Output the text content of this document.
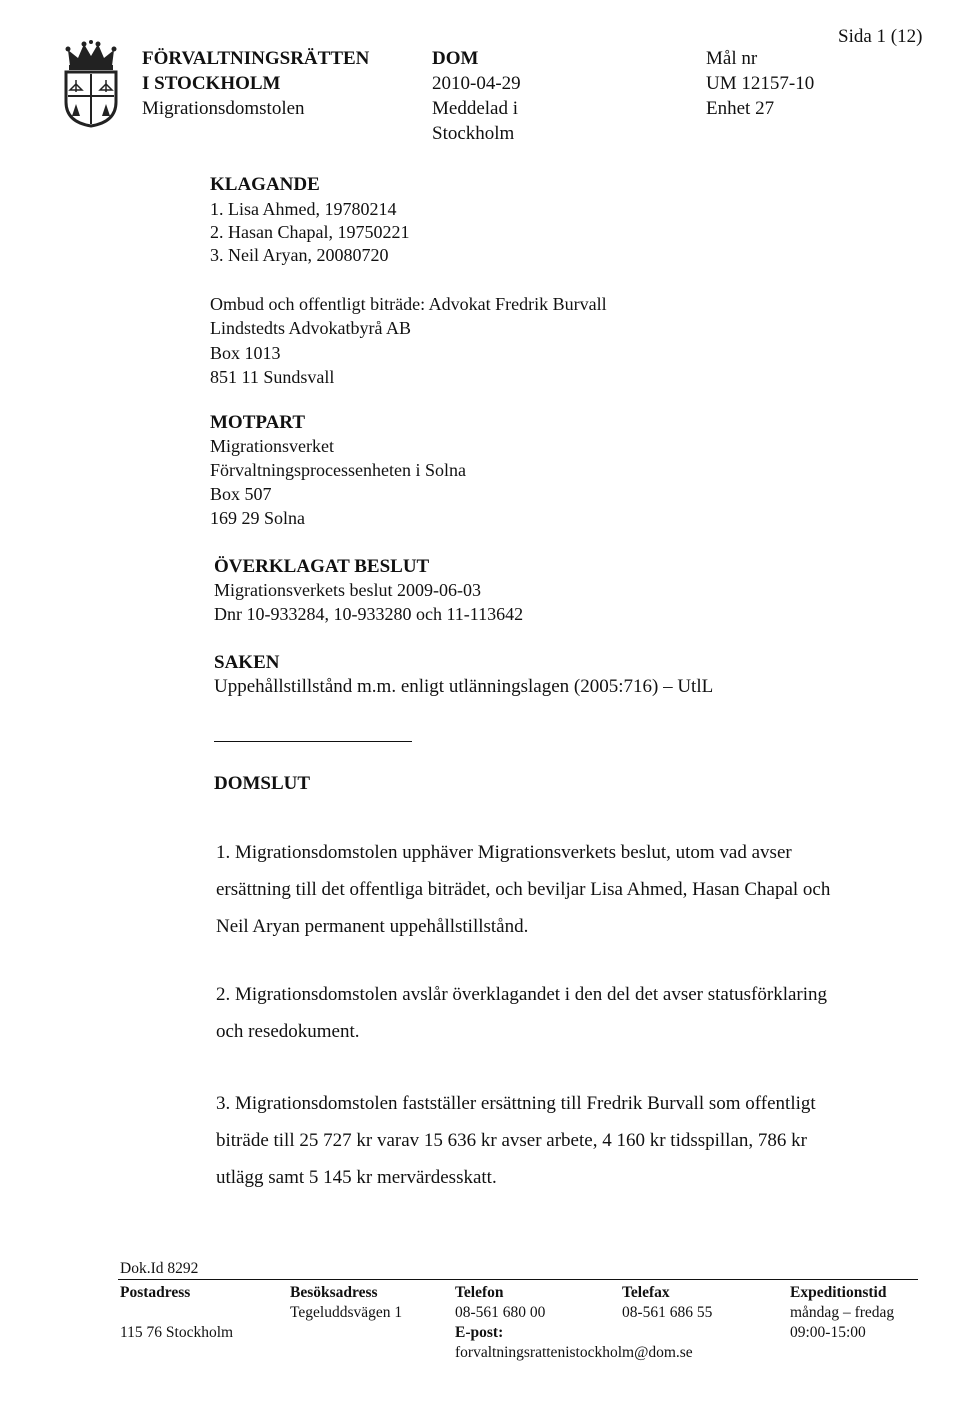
FÖRVALTNINGSRÄTTEN
I STOCKHOLM
Migrationsdomstolen
DOM
2010-04-29
Meddelad i
Stockholm
Mål nr
UM 12157-10
Enhet 27
Sida 1 (12)
KLAGANDE
1. Lisa Ahmed, 19780214
2. Hasan Chapal, 19750221
3. Neil Aryan, 20080720
Ombud och offentligt biträde: Advokat Fredrik Burvall
Lindstedts Advokatbyrå AB
Box 1013
851 11 Sundsvall
MOTPART
Migrationsverket
Förvaltningsprocessenheten i Solna
Box 507
169 29 Solna
ÖVERKLAGAT BESLUT
Migrationsverkets beslut 2009-06-03
Dnr 10-933284, 10-933280 och 11-113642
SAKEN
Uppehållstillstånd m.m. enligt utlänningslagen (2005:716) – UtlL
DOMSLUT
1. Migrationsdomstolen upphäver Migrationsverkets beslut, utom vad avser ersättning till det offentliga biträdet, och beviljar Lisa Ahmed, Hasan Chapal och Neil Aryan permanent uppehållstillstånd.
2. Migrationsdomstolen avslår överklagandet i den del det avser statusförklaring och resedokument.
3. Migrationsdomstolen fastställer ersättning till Fredrik Burvall som offentligt biträde till 25 727 kr varav 15 636 kr avser arbete, 4 160 kr tidsspillan, 786 kr utlägg samt 5 145 kr mervärdesskatt.
Dok.Id 8292
Postadress
115 76 Stockholm
Besöksadress
Tegeluddsvägen 1
Telefon
08-561 680 00
E-post:
forvaltningsrattenistockholm@dom.se
Telefax
08-561 686 55
Expeditionstid
måndag – fredag
09:00-15:00
